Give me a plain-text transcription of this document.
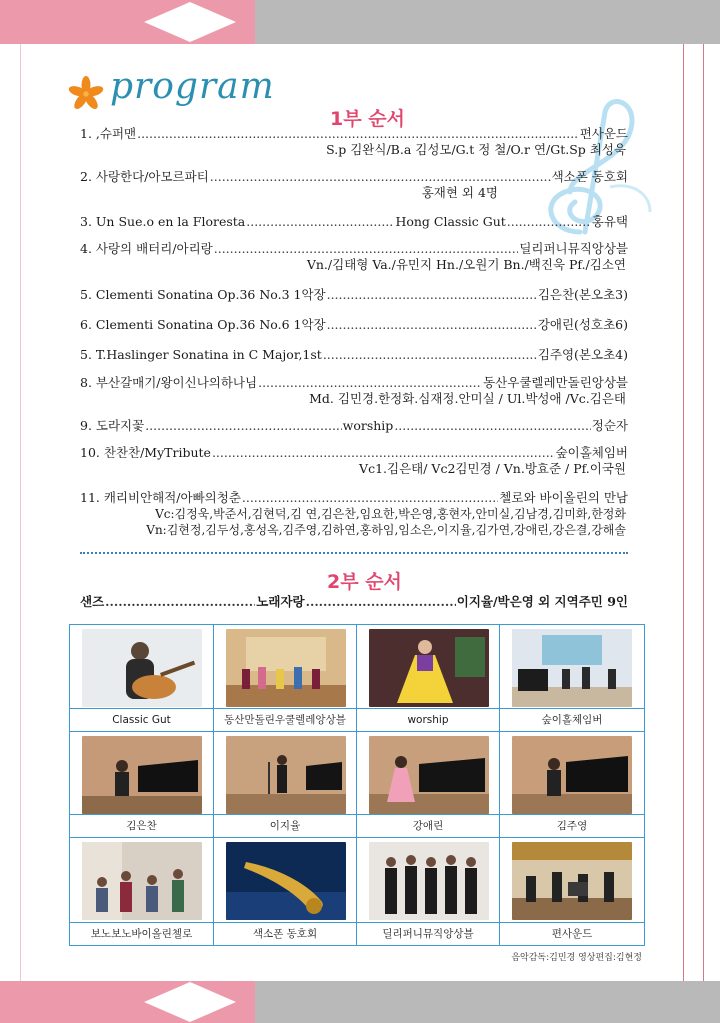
program
1부 순서
1. ,슈퍼맨 .....	편사운드
S.p 김완식/B.a 김성모/G.t 정 철/O.r 연/Gt.Sp 최성욱
2. 사랑한다/아모르파티 .....	색소폰 동호회
홍재현 외 4명
3. Un Sue.o en la Floresta .....	Hong Classic Gut .....	홍유택
4. 사랑의 배터리/아리랑 .....	딜리퍼니뮤직앙상블
Vn./김태형 Va./유민지 Hn./오원기 Bn./백진욱 Pf./김소연
5. Clementi Sonatina Op.36 No.3 1악장 .....	김은찬(본오초3)
6. Clementi Sonatina Op.36 No.6 1악장 .....	강애린(성호초6)
5. T.Haslinger Sonatina in C Major,1st .....	김주영(본오초4)
8. 부산갈매기/왕이신나의하나님 .....	동산우쿨렐레만돌린앙상블
Md. 김민경.한정화.심재정.안미실 / Ul.박성애 /Vc.김은태
9. 도라지꽃 .....	worship .....	정순자
10. 찬찬찬/MyTribute .....	숲이홀체임버
Vc1.김은태/ Vc2김민경 / Vn.방효준 / Pf.이국원
11. 캐리비안해적/아빠의청춘 .....	첼로와 바이올린의 만남
Vc:김정욱,박준서,김현덕,김 연,김은찬,임요한,박은영,홍현자,안미실,김남경,김미화,한정화
Vn:김현정,김두성,홍성옥,김주영,김하연,홍하임,임소은,이지율,김가연,강애린,강은결,강해솔
2부 순서
샌즈 .....	노래자랑 .....	이지율/박은영 외 지역주민 9인
Classic Gut	동산만돌린우쿨렐레앙상블	worship	숲이홀체임버
김은찬	이지율	강애린	김주영
보노보노바이올린첼로	색소폰 동호회	딜리퍼니뮤직앙상블	편사운드
음악감독:김민경 영상편집:김현정
